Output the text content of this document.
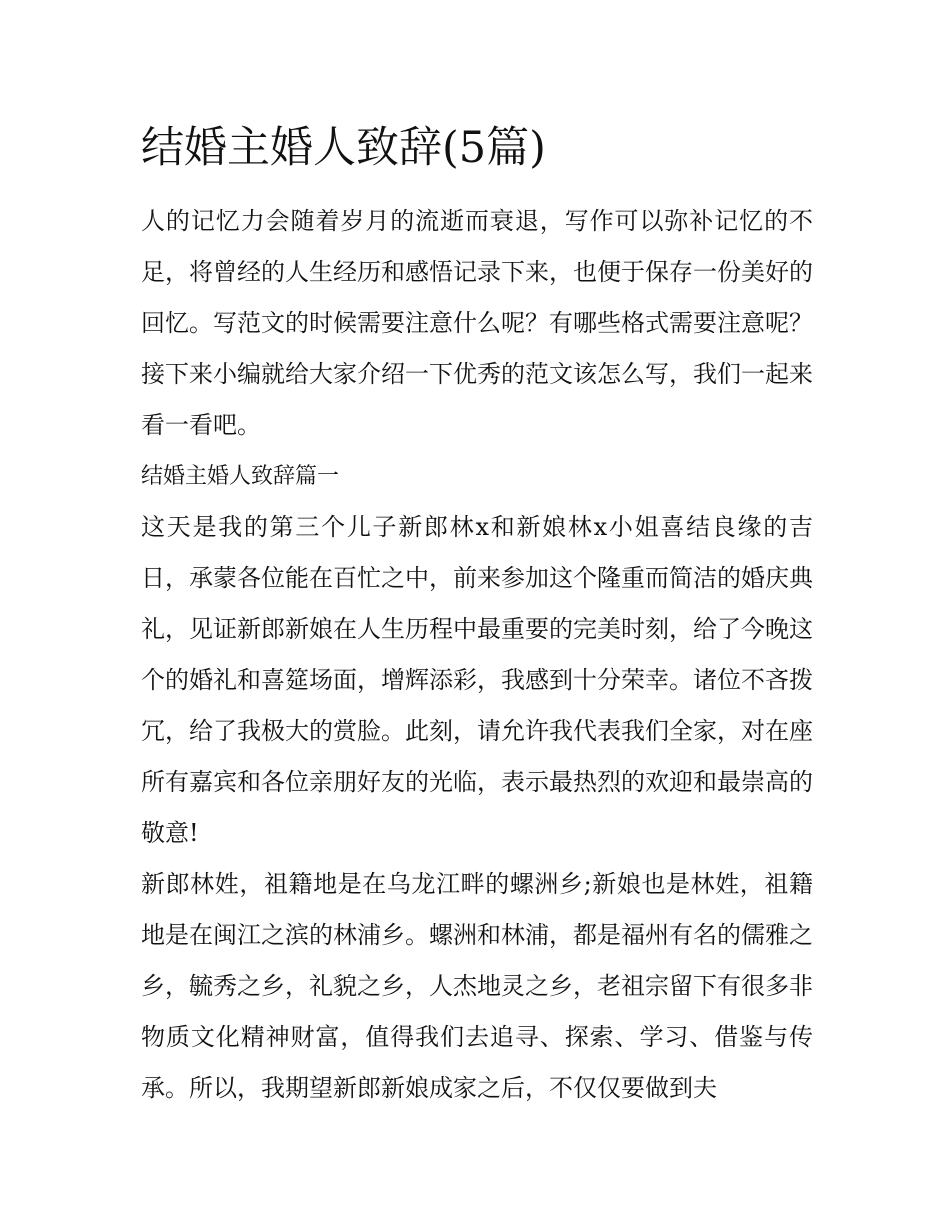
结婚主婚人致辞(5篇)

人的记忆力会随着岁月的流逝而衰退，写作可以弥补记忆的不足，将曾经的人生经历和感悟记录下来，也便于保存一份美好的回忆。写范文的时候需要注意什么呢？有哪些格式需要注意呢？接下来小编就给大家介绍一下优秀的范文该怎么写，我们一起来看一看吧。

结婚主婚人致辞篇一

这天是我的第三个儿子新郎林x和新娘林x小姐喜结良缘的吉日，承蒙各位能在百忙之中，前来参加这个隆重而简洁的婚庆典礼，见证新郎新娘在人生历程中最重要的完美时刻，给了今晚这个的婚礼和喜筵场面，增辉添彩，我感到十分荣幸。诸位不吝拨冗，给了我极大的赏脸。此刻，请允许我代表我们全家，对在座所有嘉宾和各位亲朋好友的光临，表示最热烈的欢迎和最崇高的敬意!

新郎林姓，祖籍地是在乌龙江畔的螺洲乡;新娘也是林姓，祖籍地是在闽江之滨的林浦乡。螺洲和林浦，都是福州有名的儒雅之乡，毓秀之乡，礼貌之乡，人杰地灵之乡，老祖宗留下有很多非物质文化精神财富，值得我们去追寻、探索、学习、借鉴与传承。所以，我期望新郎新娘成家之后，不仅仅要做到夫
